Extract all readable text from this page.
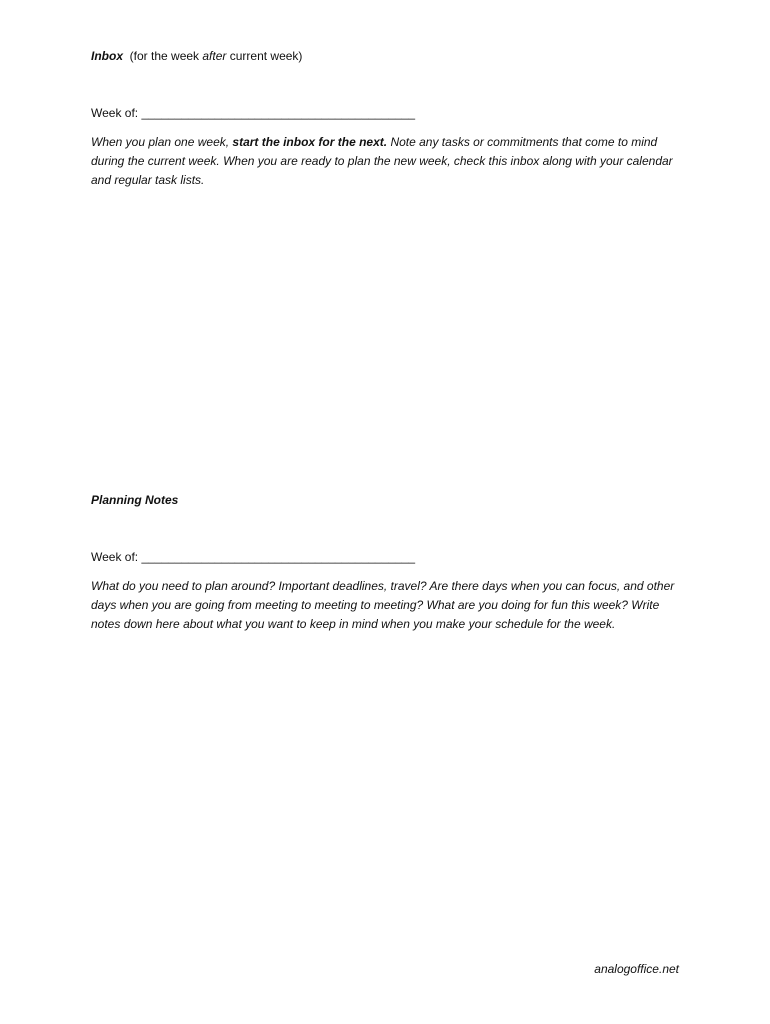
Inbox (for the week after current week)
Week of: _________________________________________
When you plan one week, start the inbox for the next. Note any tasks or commitments that come to mind during the current week. When you are ready to plan the new week, check this inbox along with your calendar and regular task lists.
Planning Notes
Week of: _________________________________________
What do you need to plan around? Important deadlines, travel? Are there days when you can focus, and other days when you are going from meeting to meeting to meeting? What are you doing for fun this week? Write notes down here about what you want to keep in mind when you make your schedule for the week.
analogoffice.net
